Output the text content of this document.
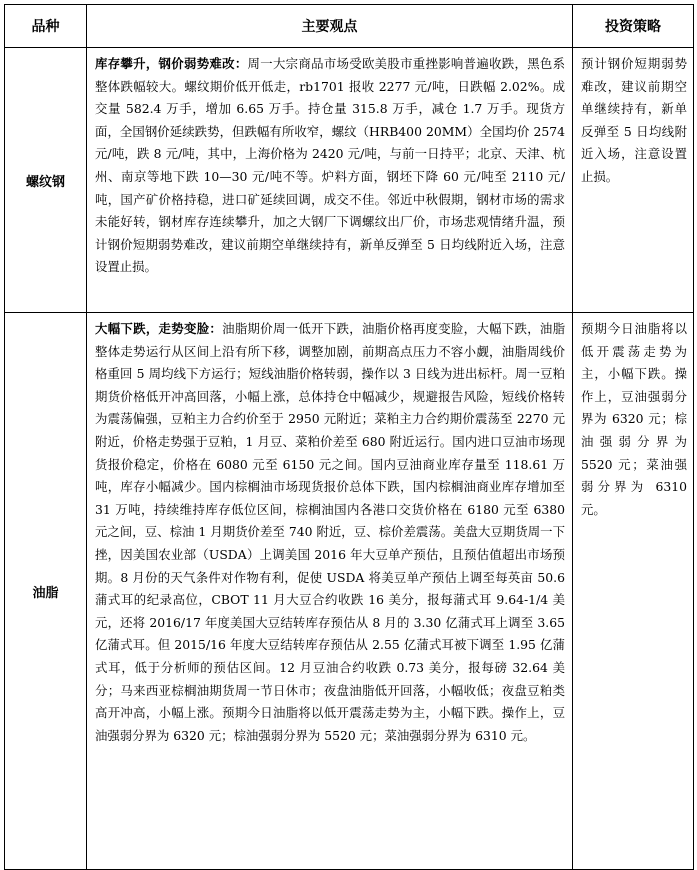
品种	主要观点	投资策略
螺纹钢	库存攀升，钢价弱势难改：周一大宗商品市场受欧美股市重挫影响普遍收跌，黑色系整体跌幅较大。螺纹期价低开低走，rb1701 报收 2277 元/吨，日跌幅 2.02%。成交量 582.4 万手，增加 6.65 万手。持仓量 315.8 万手，减仓 1.7 万手。现货方面，全国钢价延续跌势，但跌幅有所收窄，螺纹（HRB400 20MM）全国均价 2574 元/吨，跌 8 元/吨，其中，上海价格为 2420 元/吨，与前一日持平；北京、天津、杭州、南京等地下跌 10—30 元/吨不等。炉料方面，钢坯下降 60 元/吨至 2110 元/吨，国产矿价格持稳，进口矿延续回调，成交不佳。邻近中秋假期，钢材市场的需求未能好转，钢材库存连续攀升，加之大钢厂下调螺纹出厂价，市场悲观情绪升温，预计钢价短期弱势难改，建议前期空单继续持有，新单反弹至 5 日均线附近入场，注意设置止损。	预计钢价短期弱势难改，建议前期空单继续持有，新单反弹至 5 日均线附近入场，注意设置止损。
油脂	大幅下跌，走势变脸：油脂期价周一低开下跌，油脂价格再度变脸，大幅下跌，油脂整体走势运行从区间上沿有所下移，调整加剧，前期高点压力不容小觑，油脂周线价格重回 5 周均线下方运行；短线油脂价格转弱，操作以 3 日线为进出标杆。周一豆粕期货价格低开冲高回落，小幅上涨，总体持仓中幅减少，规避报告风险，短线价格转为震荡偏强，豆粕主力合约价至于 2950 元附近；菜粕主力合约期价震荡至 2270 元附近，价格走势强于豆粕，1 月豆、菜粕价差至 680 附近运行。国内进口豆油市场现货报价稳定，价格在 6080 元至 6150 元之间。国内豆油商业库存量至 118.61 万吨，库存小幅减少。国内棕榈油市场现货报价总体下跌，国内棕榈油商业库存增加至 31 万吨，持续维持库存低位区间，棕榈油国内各港口交货价格在 6180 元至 6380 元之间，豆、棕油 1 月期货价差至 740 附近，豆、棕价差震荡。美盘大豆期货周一下挫，因美国农业部（USDA）上调美国 2016 年大豆单产预估，且预估值超出市场预期。8 月份的天气条件对作物有利，促使 USDA 将美豆单产预估上调至每英亩 50.6 蒲式耳的纪录高位，CBOT 11 月大豆合约收跌 16 美分，报每蒲式耳 9.64-1/4 美元，还将 2016/17 年度美国大豆结转库存预估从 8 月的 3.30 亿蒲式耳上调至 3.65 亿蒲式耳。但 2015/16 年度大豆结转库存预估从 2.55 亿蒲式耳被下调至 1.95 亿蒲式耳，低于分析师的预估区间。12 月豆油合约收跌 0.73 美分，报每磅 32.64 美分；马来西亚棕榈油期货周一节日休市；夜盘油脂低开回落，小幅收低；夜盘豆粕类高开冲高，小幅上涨。预期今日油脂将以低开震荡走势为主，小幅下跌。操作上，豆油强弱分界为 6320 元；棕油强弱分界为 5520 元；菜油强弱分界为 6310 元。	预期今日油脂将以低开震荡走势为主，小幅下跌。操作上，豆油强弱分界为 6320 元；棕油强弱分界为 5520 元；菜油强弱分界为 6310 元。
